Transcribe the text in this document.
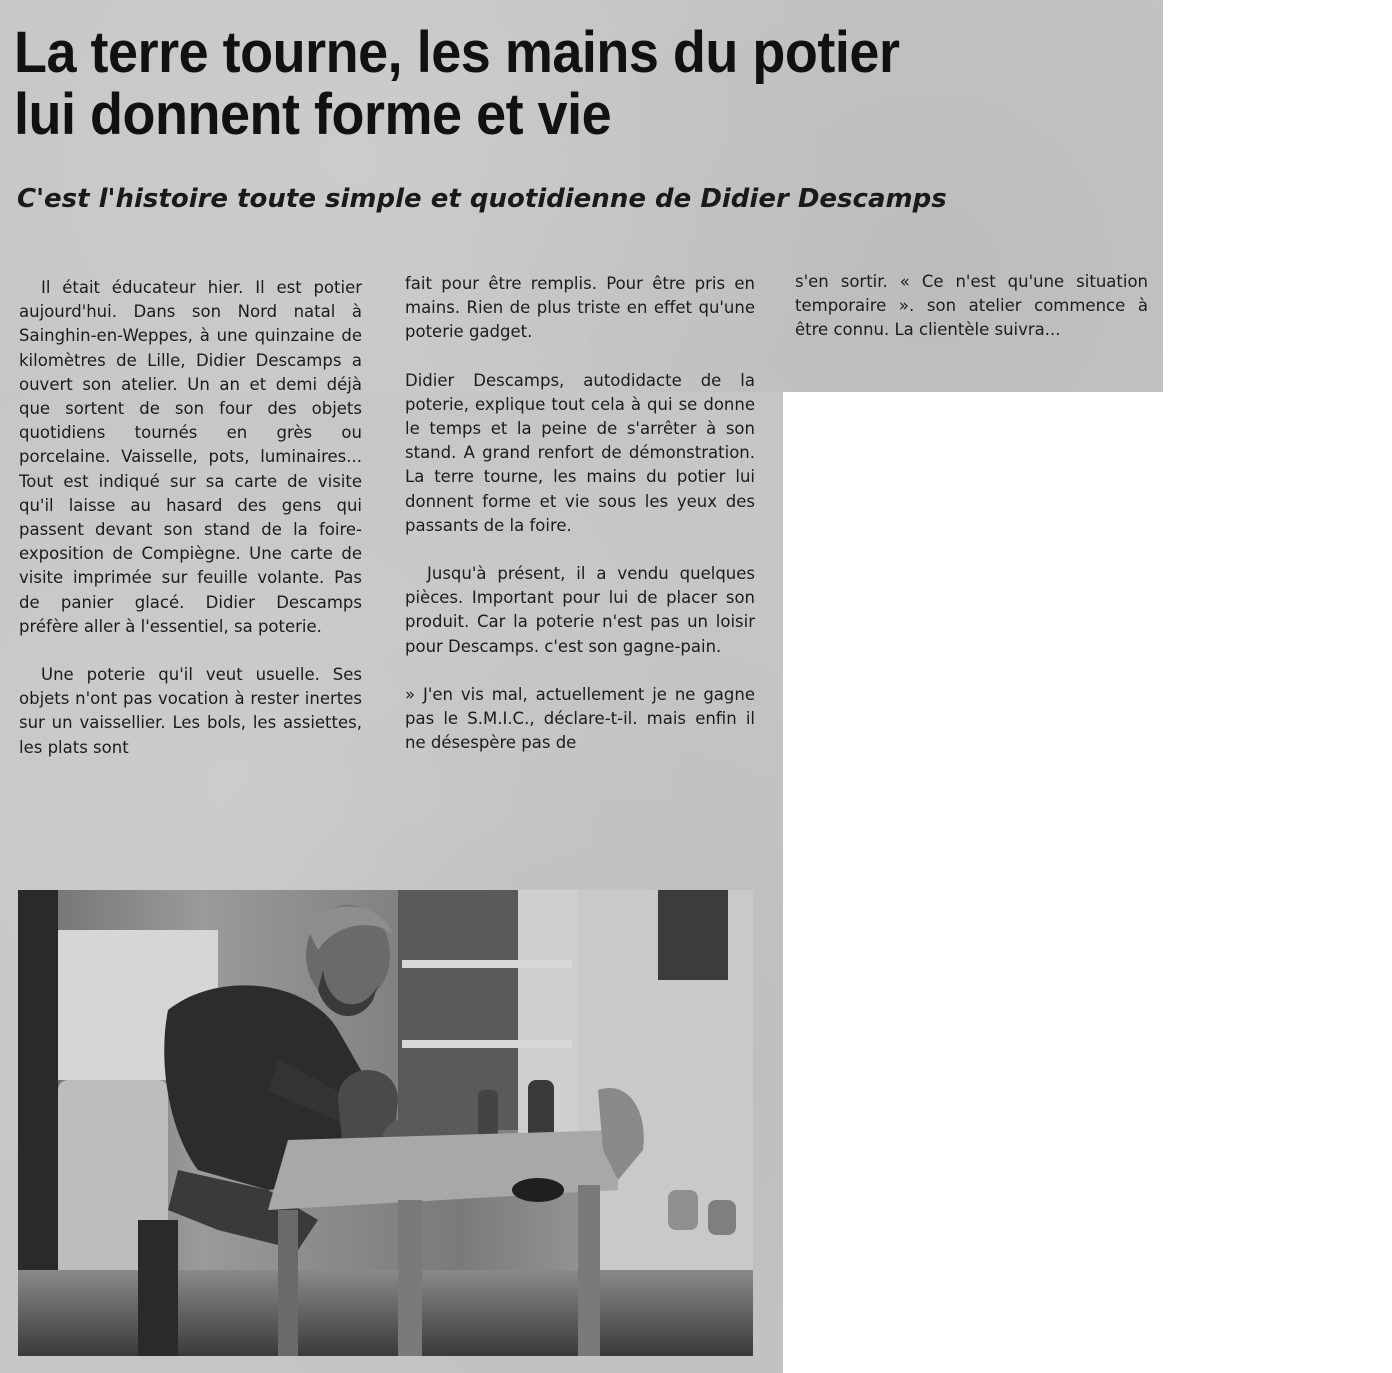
La terre tourne, les mains du potier
lui donnent forme et vie
C'est l'histoire toute simple et quotidienne de Didier Descamps

Il était éducateur hier. Il est potier aujourd'hui. Dans son Nord natal à Sainghin-en-Weppes, à une quinzaine de kilomètres de Lille, Didier Descamps a ouvert son atelier. Un an et demi déjà que sortent de son four des objets quotidiens tournés en grès ou porcelaine. Vaisselle, pots, luminaires... Tout est indiqué sur sa carte de visite qu'il laisse au hasard des gens qui passent devant son stand de la foire-exposition de Compiègne. Une carte de visite imprimée sur feuille volante. Pas de panier glacé. Didier Descamps préfère aller à l'essentiel, sa poterie.

Une poterie qu'il veut usuelle. Ses objets n'ont pas vocation à rester inertes sur un vaissellier. Les bols, les assiettes, les plats sont

fait pour être remplis. Pour être pris en mains. Rien de plus triste en effet qu'une poterie gadget.

Didier Descamps, autodidacte de la poterie, explique tout cela à qui se donne le temps et la peine de s'arrêter à son stand. A grand renfort de démonstration. La terre tourne, les mains du potier lui donnent forme et vie sous les yeux des passants de la foire.

Jusqu'à présent, il a vendu quelques pièces. Important pour lui de placer son produit. Car la poterie n'est pas un loisir pour Descamps. c'est son gagne-pain.

» J'en vis mal, actuellement je ne gagne pas le S.M.I.C., déclare-t-il. mais enfin il ne désespère pas de

s'en sortir. « Ce n'est qu'une situation temporaire ». son atelier commence à être connu. La clientèle suivra...
